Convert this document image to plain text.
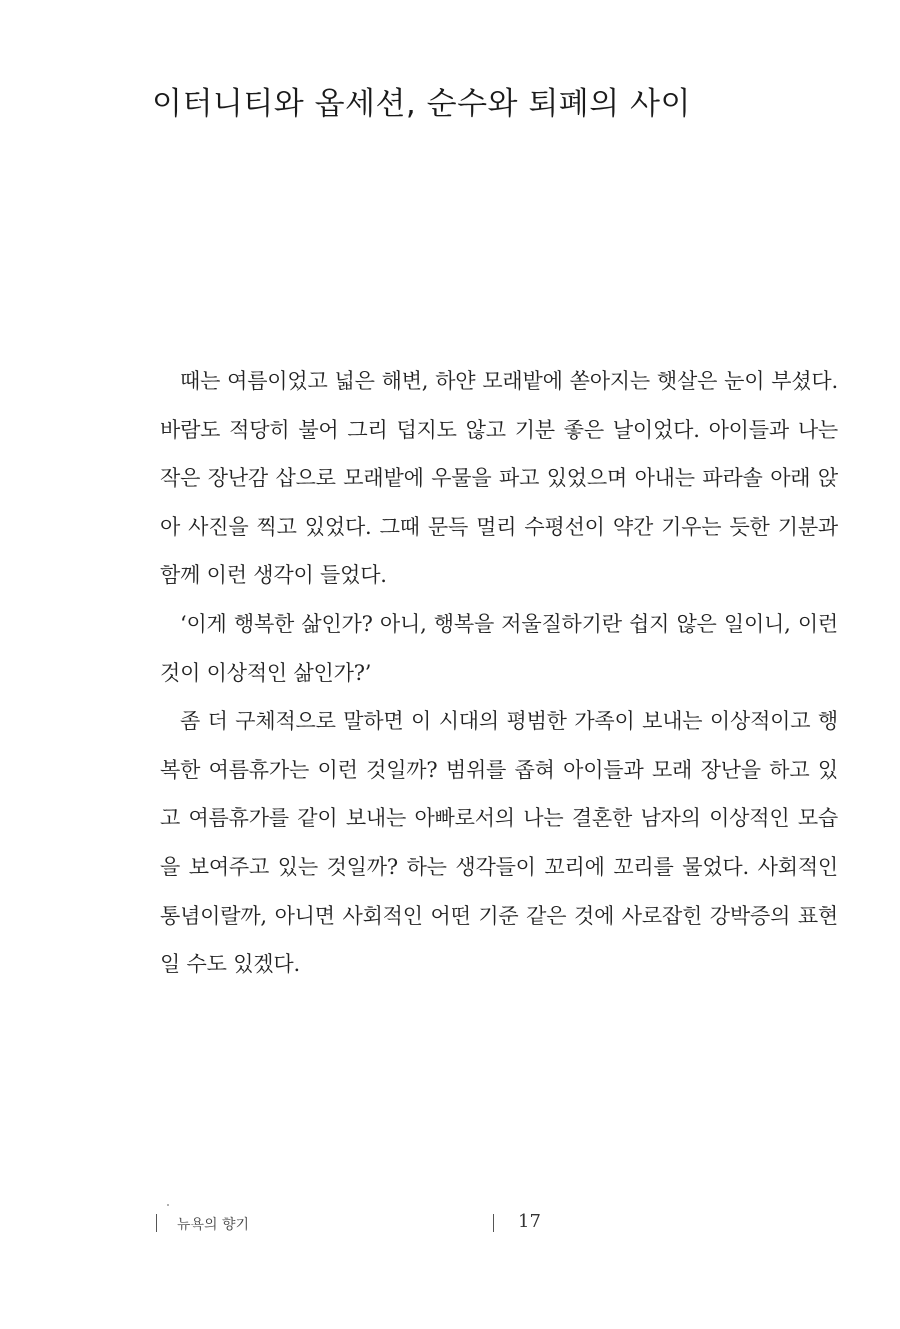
이터니티와 옵세션, 순수와 퇴폐의 사이

때는 여름이었고 넓은 해변, 하얀 모래밭에 쏟아지는 햇살은 눈이 부셨다. 바람도 적당히 불어 그리 덥지도 않고 기분 좋은 날이었다. 아이들과 나는 작은 장난감 삽으로 모래밭에 우물을 파고 있었으며 아내는 파라솔 아래 앉아 사진을 찍고 있었다. 그때 문득 멀리 수평선이 약간 기우는 듯한 기분과 함께 이런 생각이 들었다.

‘이게 행복한 삶인가? 아니, 행복을 저울질하기란 쉽지 않은 일이니, 이런 것이 이상적인 삶인가?’

좀 더 구체적으로 말하면 이 시대의 평범한 가족이 보내는 이상적이고 행복한 여름휴가는 이런 것일까? 범위를 좁혀 아이들과 모래 장난을 하고 있고 여름휴가를 같이 보내는 아빠로서의 나는 결혼한 남자의 이상적인 모습을 보여주고 있는 것일까? 하는 생각들이 꼬리에 꼬리를 물었다. 사회적인 통념이랄까, 아니면 사회적인 어떤 기준 같은 것에 사로잡힌 강박증의 표현일 수도 있겠다.

뉴욕의 향기	17
